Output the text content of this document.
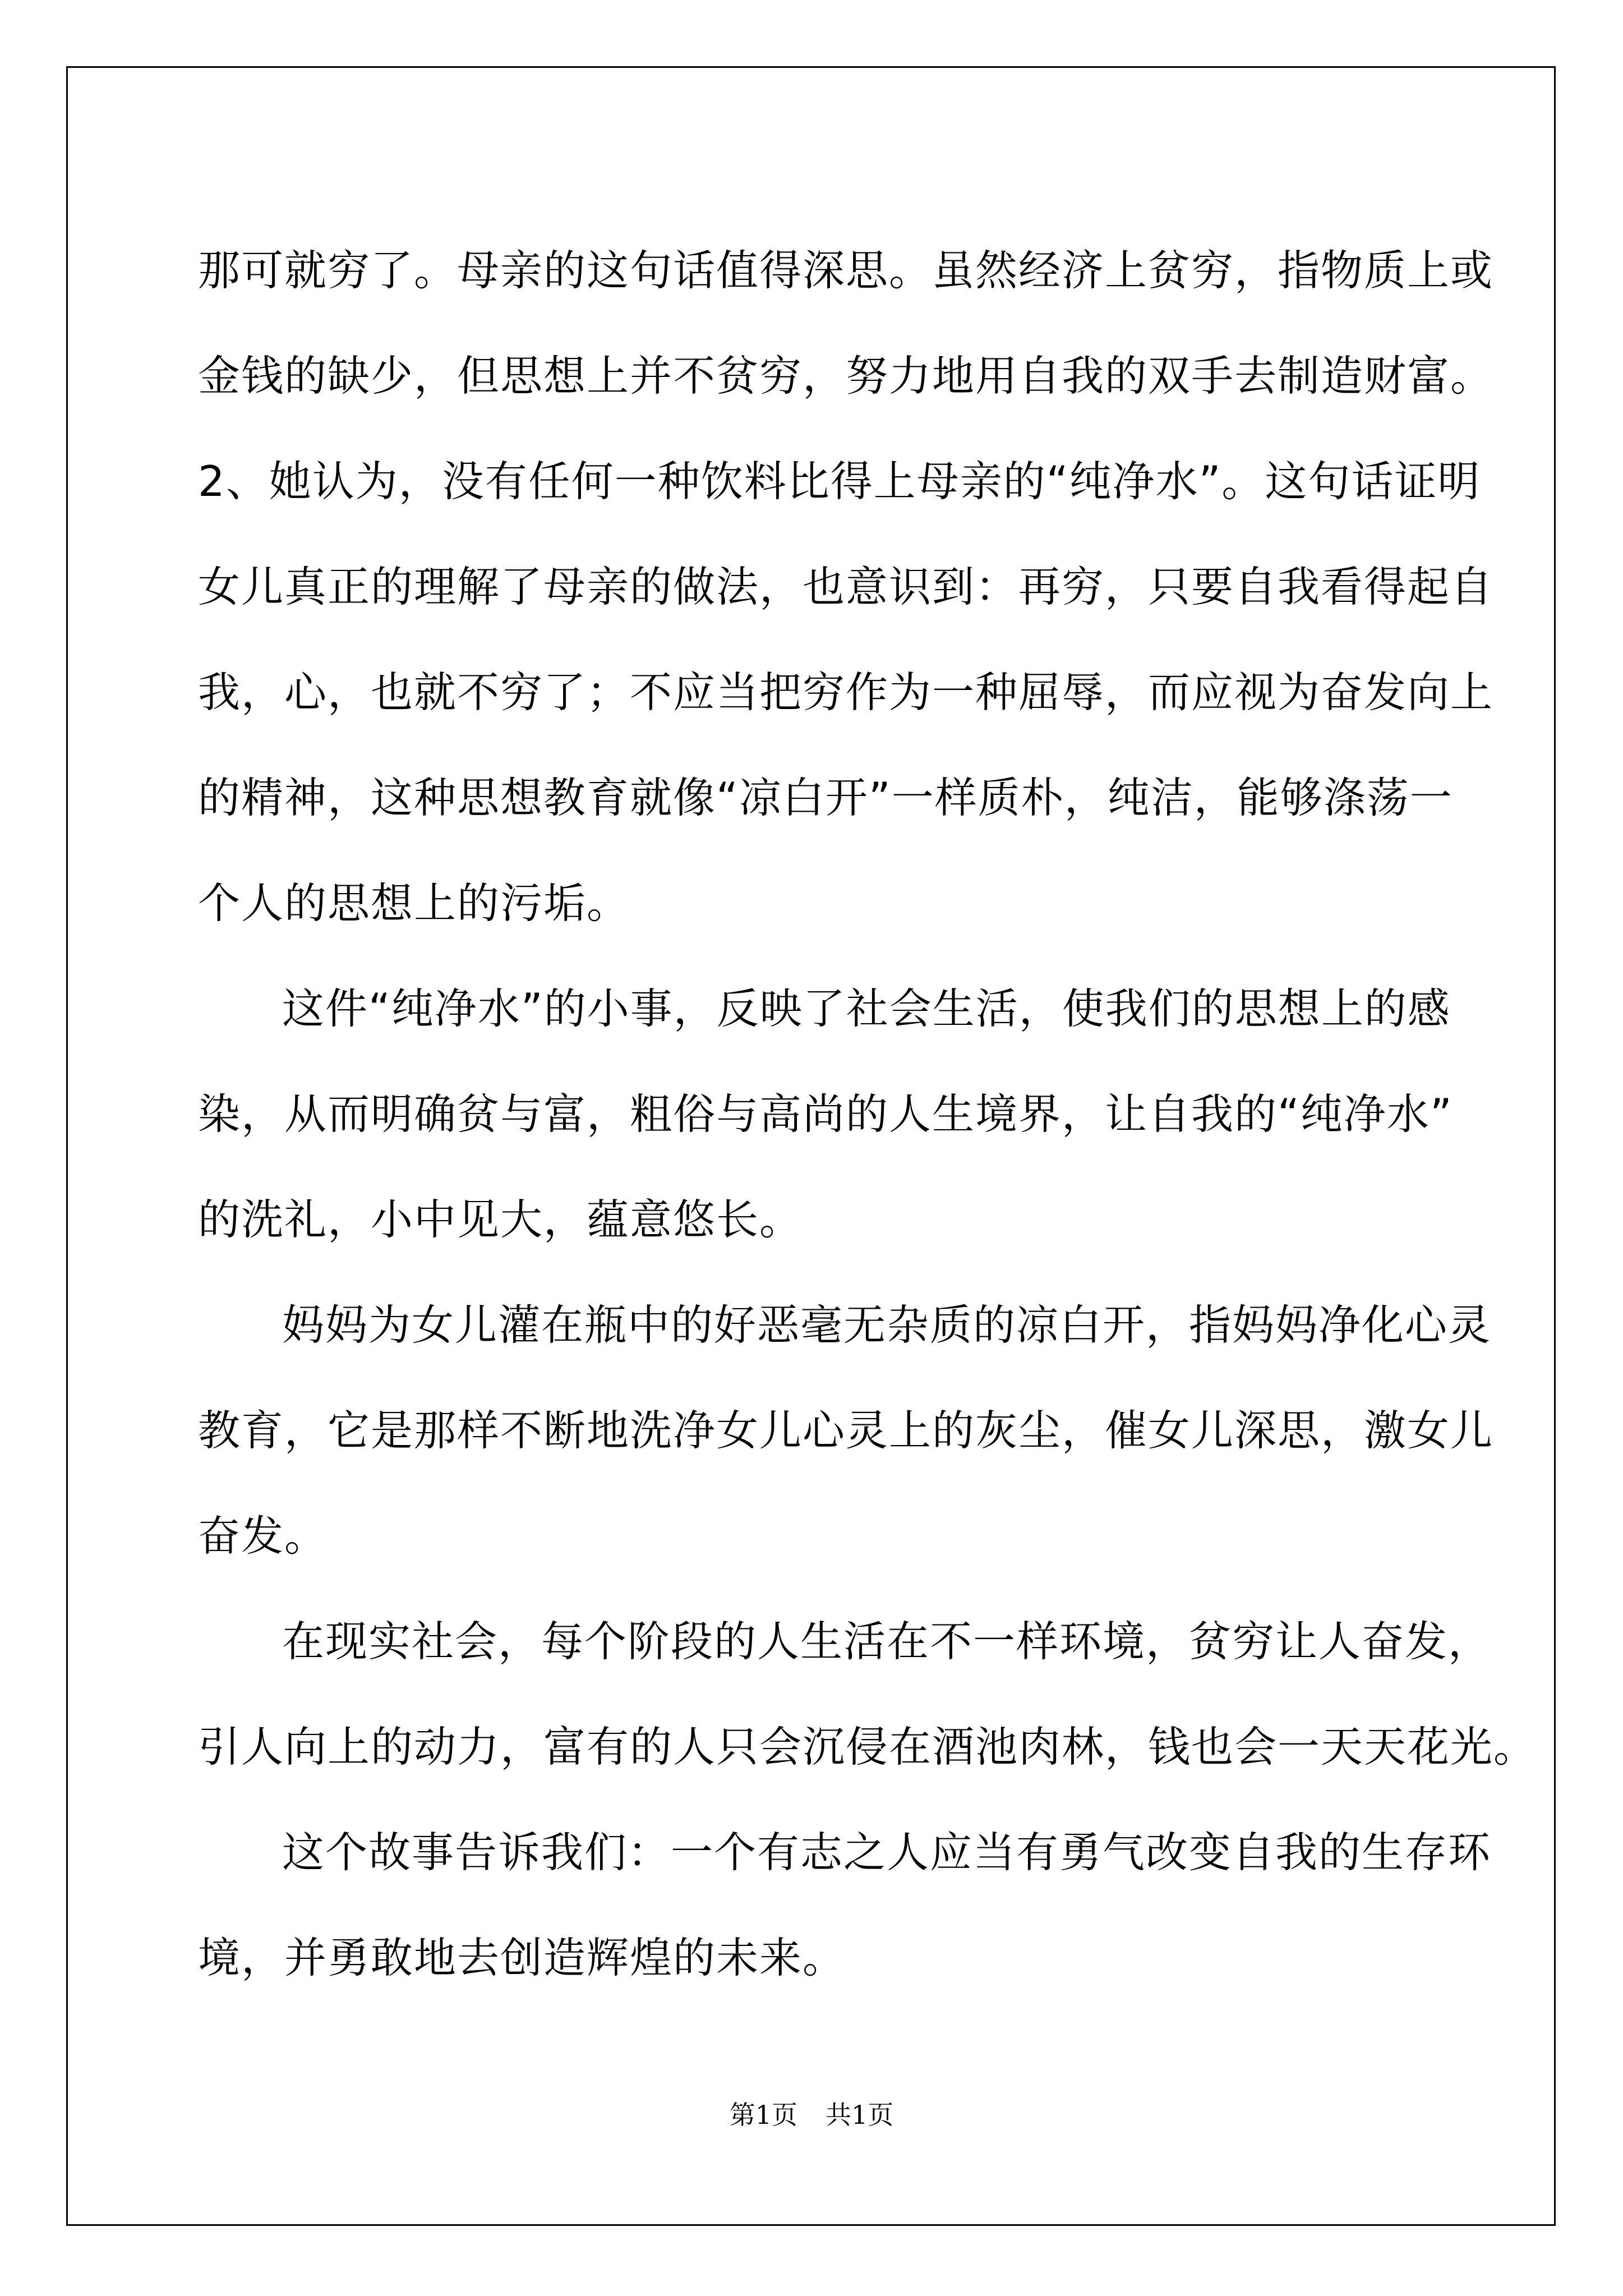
那可就穷了。母亲的这句话值得深思。虽然经济上贫穷，指物质上或
金钱的缺少，但思想上并不贫穷，努力地用自我的双手去制造财富。
2、她认为，没有任何一种饮料比得上母亲的“纯净水”。这句话证明
女儿真正的理解了母亲的做法，也意识到：再穷，只要自我看得起自
我，心，也就不穷了；不应当把穷作为一种屈辱，而应视为奋发向上
的精神，这种思想教育就像“凉白开”一样质朴，纯洁，能够涤荡一
个人的思想上的污垢。
这件“纯净水”的小事，反映了社会生活，使我们的思想上的感
染，从而明确贫与富，粗俗与高尚的人生境界，让自我的“纯净水”
的洗礼，小中见大，蕴意悠长。
妈妈为女儿灌在瓶中的好恶毫无杂质的凉白开，指妈妈净化心灵
教育，它是那样不断地洗净女儿心灵上的灰尘，催女儿深思，激女儿
奋发。
在现实社会，每个阶段的人生活在不一样环境，贫穷让人奋发，
引人向上的动力，富有的人只会沉侵在酒池肉林，钱也会一天天花光。
这个故事告诉我们：一个有志之人应当有勇气改变自我的生存环
境，并勇敢地去创造辉煌的未来。
第1页 共1页
